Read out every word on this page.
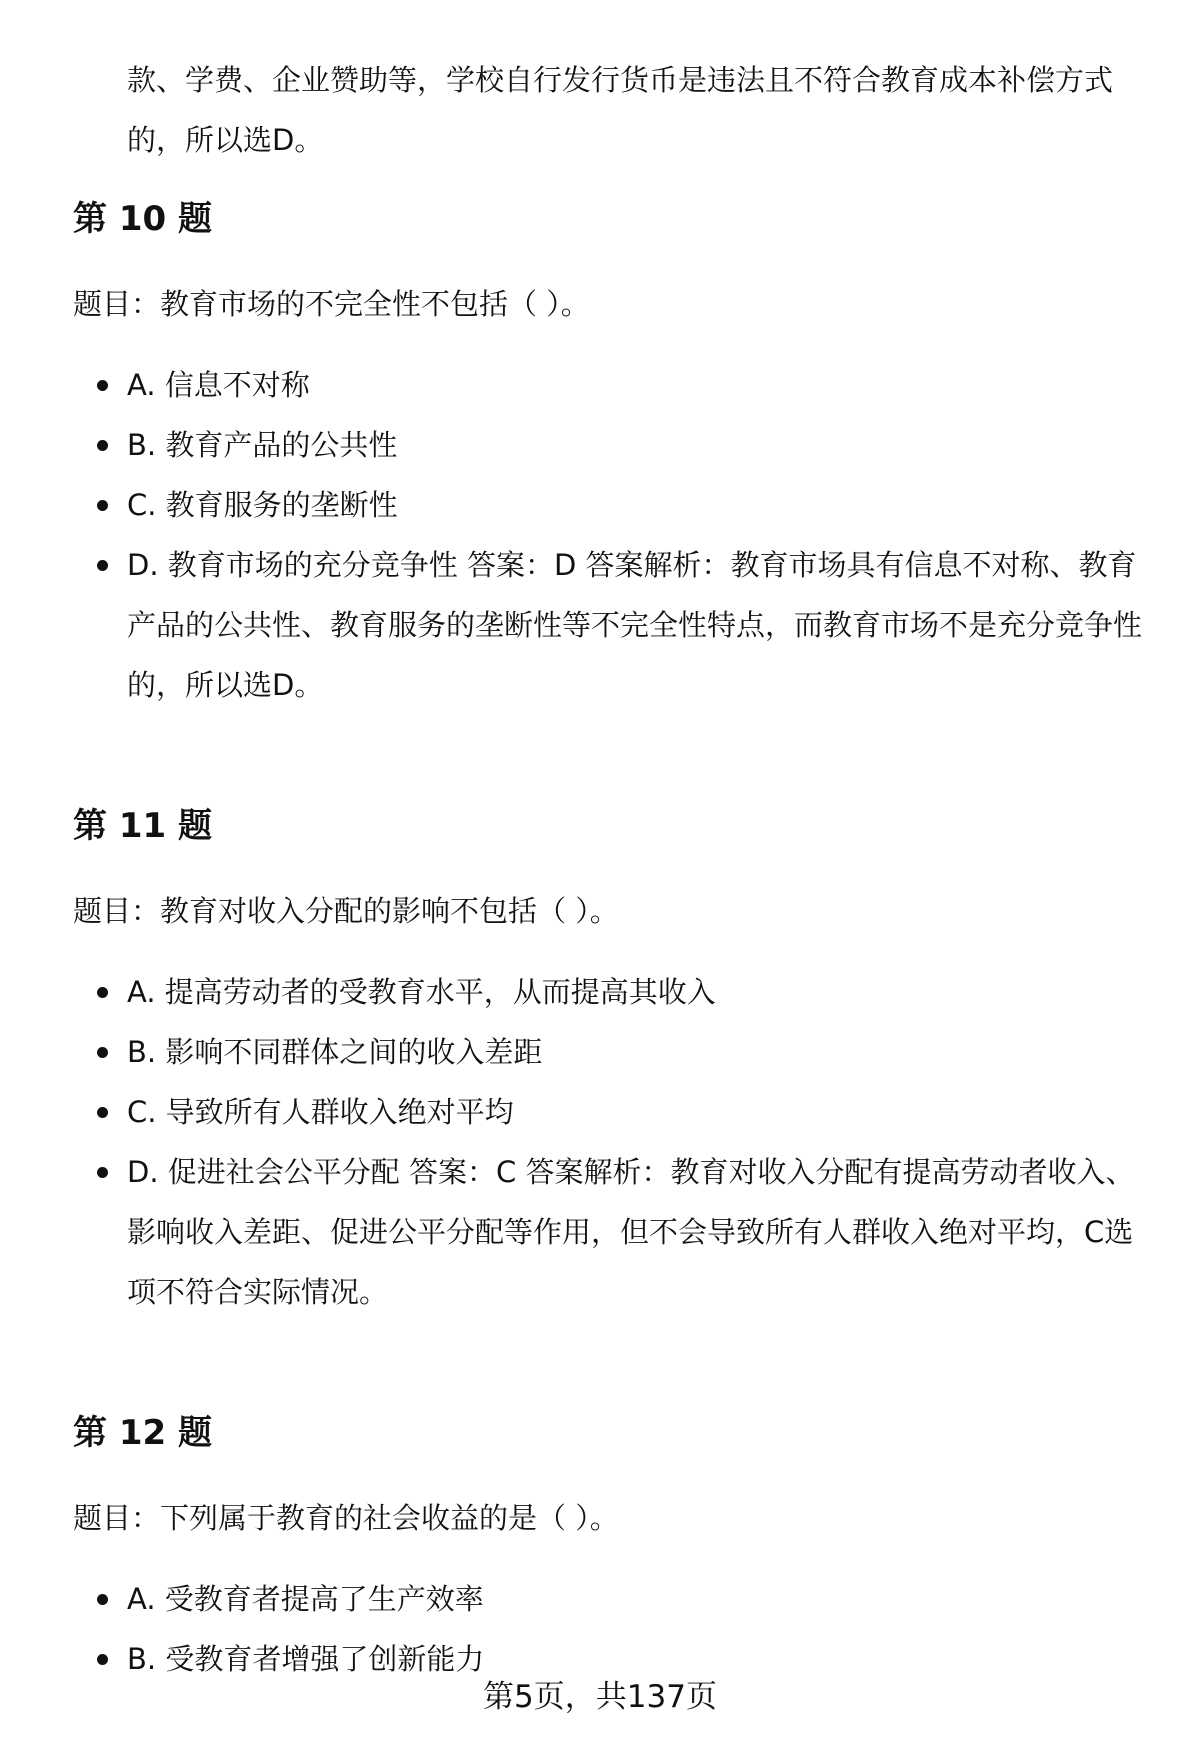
款、学费、企业赞助等，学校自行发行货币是违法且不符合教育成本补偿方式的，所以选D。
第 10 题

题目：教育市场的不完全性不包括（ ）。

A. 信息不对称
B. 教育产品的公共性
C. 教育服务的垄断性
D. 教育市场的充分竞争性 答案：D 答案解析：教育市场具有信息不对称、教育产品的公共性、教育服务的垄断性等不完全性特点，而教育市场不是充分竞争性的，所以选D。
第 11 题

题目：教育对收入分配的影响不包括（ ）。

A. 提高劳动者的受教育水平，从而提高其收入
B. 影响不同群体之间的收入差距
C. 导致所有人群收入绝对平均
D. 促进社会公平分配 答案：C 答案解析：教育对收入分配有提高劳动者收入、影响收入差距、促进公平分配等作用，但不会导致所有人群收入绝对平均，C选项不符合实际情况。
第 12 题

题目：下列属于教育的社会收益的是（ ）。

A. 受教育者提高了生产效率
B. 受教育者增强了创新能力
第5页，共137页
